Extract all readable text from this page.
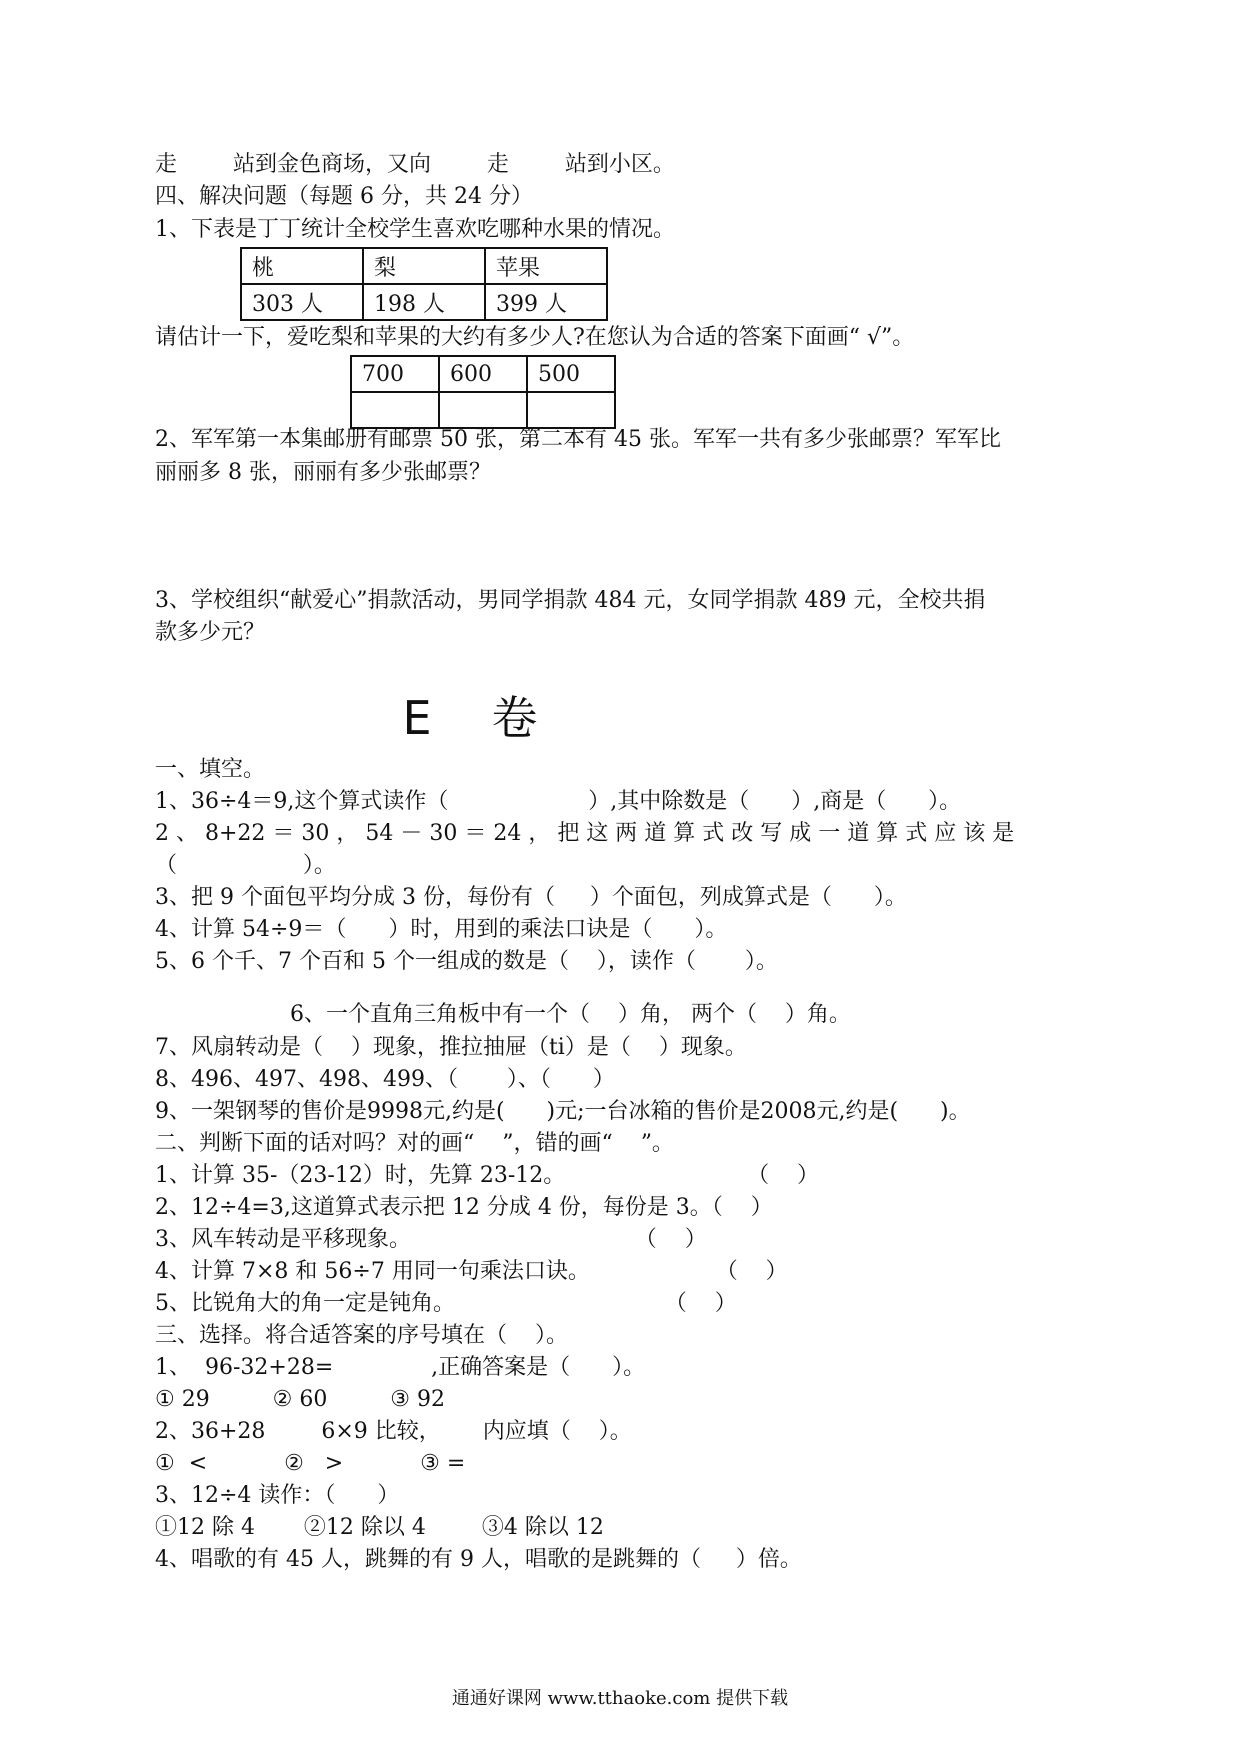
走        站到金色商场，又向        走        站到小区。
四、解决问题（每题 6 分，共 24 分）
1、下表是丁丁统计全校学生喜欢吃哪种水果的情况。
桃	梨	苹果
303 人	198 人	399 人
请估计一下，爱吃梨和苹果的大约有多少人?在您认为合适的答案下面画“ √”。
700	600	500

2、军军第一本集邮册有邮票 50 张，第二本有 45 张。军军一共有多少张邮票？军军比
丽丽多 8 张，丽丽有多少张邮票？
3、学校组织“献爱心”捐款活动，男同学捐款 484 元，女同学捐款 489 元，全校共捐
款多少元？
E卷
一、填空。
1、36÷4＝9,这个算式读作（                    ）,其中除数是（      ）,商是（      ）。
2 、 8+22 ＝ 30 ， 54 － 30 ＝ 24 ， 把 这 两 道 算 式 改 写 成 一 道 算 式 应 该 是
（                  ）。
3、把 9 个面包平均分成 3 份，每份有（     ）个面包，列成算式是（      ）。
4、计算 54÷9＝（      ）时，用到的乘法口诀是（      ）。
5、6 个千、7 个百和 5 个一组成的数是（    ），读作（       ）。
6、一个直角三角板中有一个（    ）角， 两个（    ）角。
7、风扇转动是（    ）现象，推拉抽屉（ti）是（    ）现象。
8、496、497、498、499、（       ）、（      ）
9、一架钢琴的售价是9998元,约是(      )元;一台冰箱的售价是2008元,约是(      )。
二、判断下面的话对吗？对的画“    ”，错的画“    ”。
1、计算 35-（23-12）时，先算 23-12。                          （    ）
2、12÷4=3,这道算式表示把 12 分成 4 份，每份是 3。（    ）
3、风车转动是平移现象。                                （    ）
4、计算 7×8 和 56÷7 用同一句乘法口诀。                  （    ）
5、比锐角大的角一定是钝角。                              （    ）
三、选择。将合适答案的序号填在（    ）。
1、  96-32+28=              ,正确答案是（      ）。
① 29         ② 60         ③ 92
2、36+28        6×9 比较，      内应填（    ）。
①  <           ②   >           ③ =
3、12÷4 读作：（      ）
①12 除 4       ②12 除以 4        ③4 除以 12
4、唱歌的有 45 人，跳舞的有 9 人，唱歌的是跳舞的（     ）倍。
通通好课网 www.tthaoke.com 提供下载
